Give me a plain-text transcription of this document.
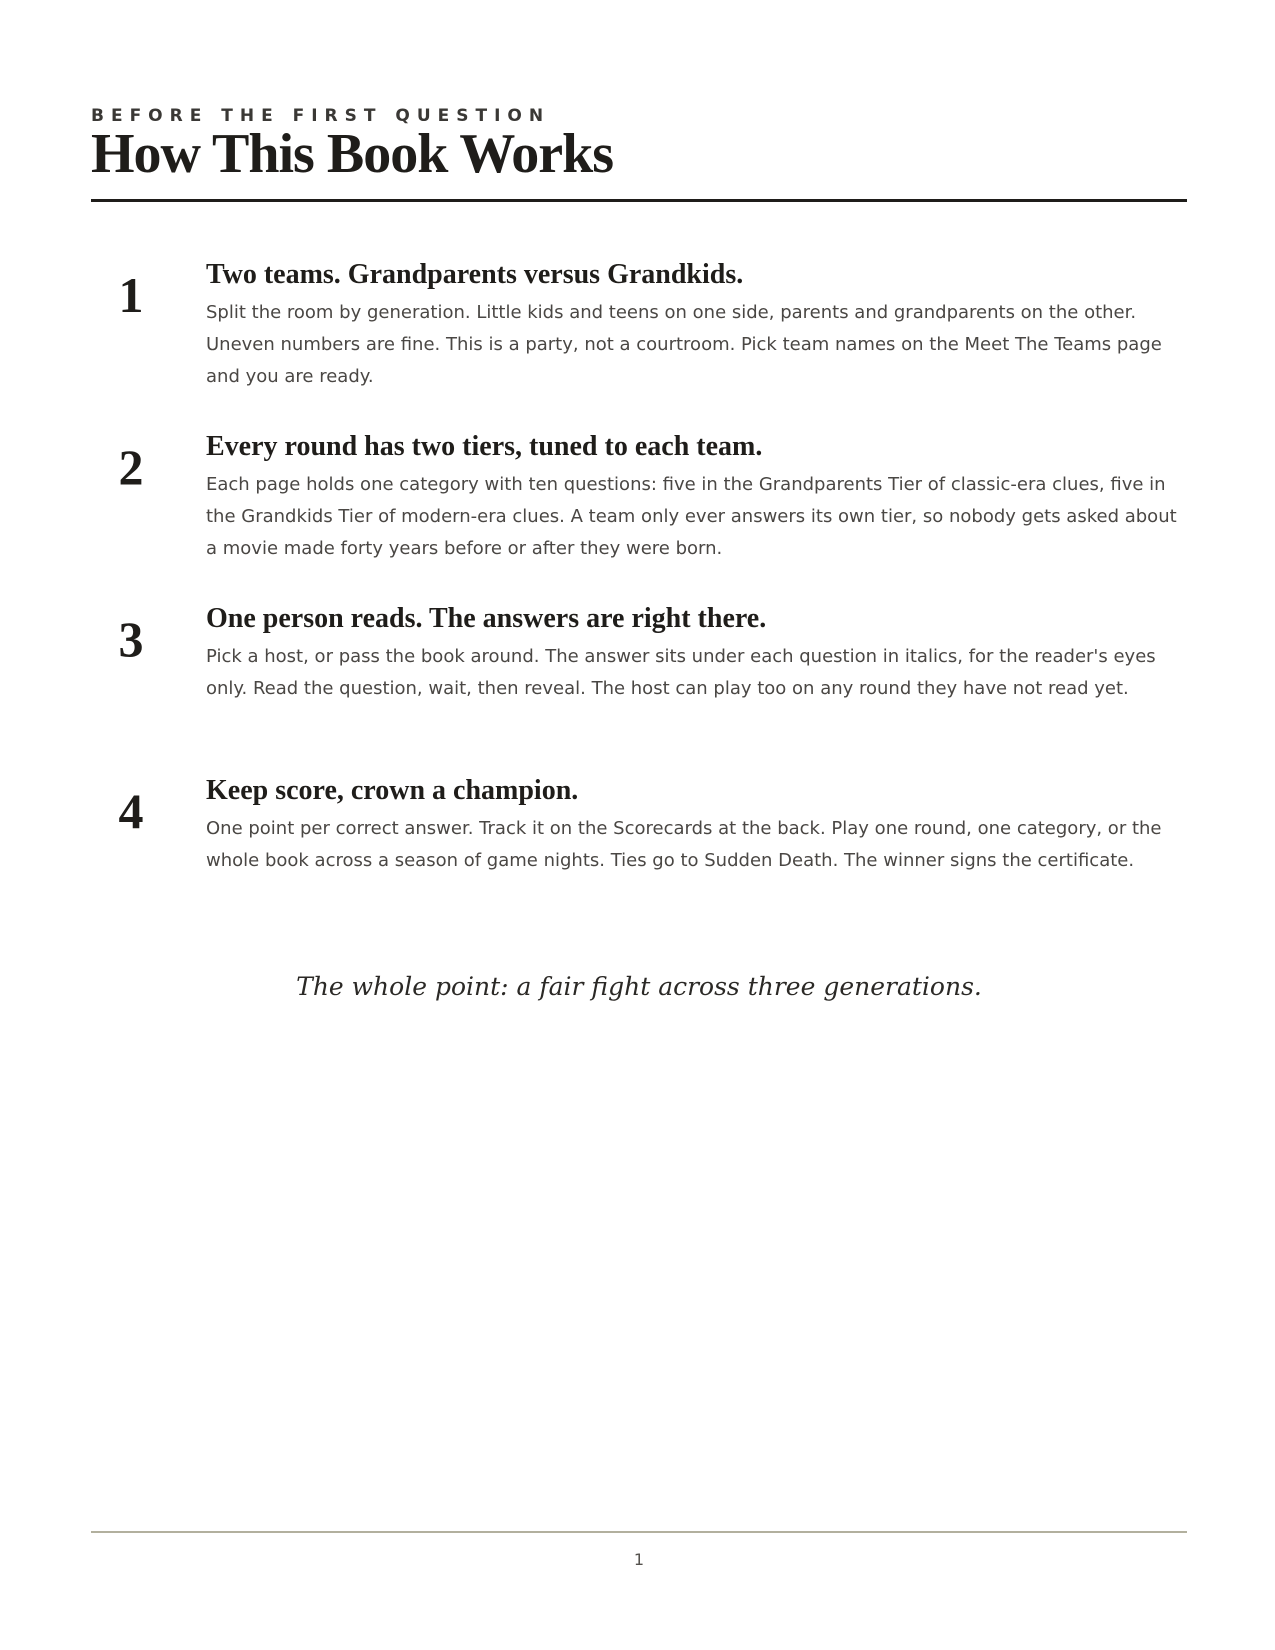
BEFORE THE FIRST QUESTION
How This Book Works
1	Two teams. Grandparents versus Grandkids.

Split the room by generation. Little kids and teens on one side, parents and grandparents on the other. Uneven numbers are fine. This is a party, not a courtroom. Pick team names on the Meet The Teams page and you are ready.

2	Every round has two tiers, tuned to each team.

Each page holds one category with ten questions: five in the Grandparents Tier of classic-era clues, five in the Grandkids Tier of modern-era clues. A team only ever answers its own tier, so nobody gets asked about a movie made forty years before or after they were born.

3	One person reads. The answers are right there.

Pick a host, or pass the book around. The answer sits under each question in italics, for the reader's eyes only. Read the question, wait, then reveal. The host can play too on any round they have not read yet.

4	Keep score, crown a champion.

One point per correct answer. Track it on the Scorecards at the back. Play one round, one category, or the whole book across a season of game nights. Ties go to Sudden Death. The winner signs the certificate.

The whole point: a fair fight across three generations.
1
